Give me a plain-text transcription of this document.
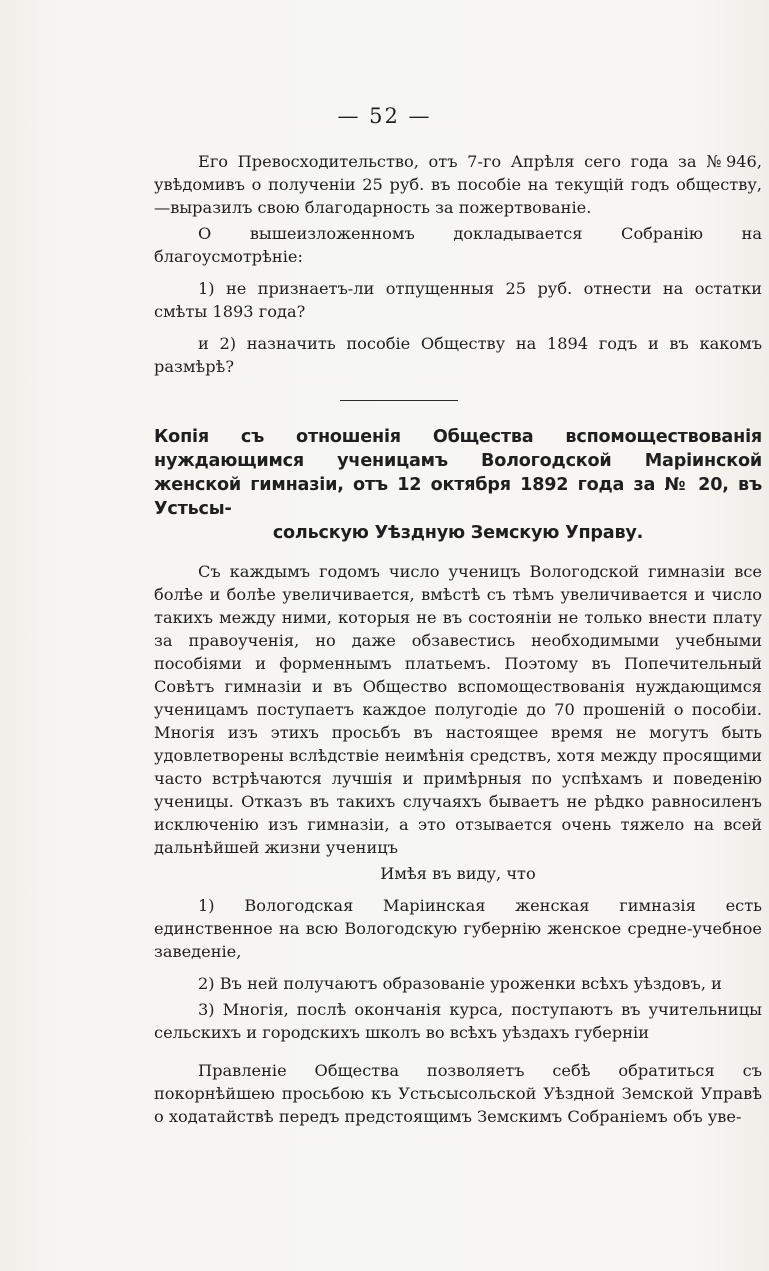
— 52 —

Его Превосходительство, отъ 7-го Апрѣля сего года за №946, увѣдомивъ о полученіи 25 руб. въ пособіе на текущій годъ обществу,—выразилъ свою благодарность за пожертвованіе.

О вышеизложенномъ докладывается Собранію на благоусмотрѣніе:

1) не признаетъ-ли отпущенныя 25 руб. отнести на остатки смѣты 1893 года?

и 2) назначить пособіе Обществу на 1894 годъ и въ какомъ размѣрѣ?

Копія съ отношенія Общества вспомоществованія нуждающимся ученицамъ Вологодской Маріинской женской гимназіи, отъ 12 октября 1892 года за № 20, въ Устьсы-
сольскую Уѣздную Земскую Управу.

Съ каждымъ годомъ число ученицъ Вологодской гимназіи все болѣе и болѣе увеличивается, вмѣстѣ съ тѣмъ увеличивается и число такихъ между ними, которыя не въ состояніи не только внести плату за правоученія, но даже обзавестись необходимыми учебными пособіями и форменнымъ платьемъ. Поэтому въ Попечительный Совѣтъ гимназіи и въ Общество вспомоществованія нуждающимся ученицамъ поступаетъ каждое полугодіе до 70 прошеній о пособіи. Многія изъ этихъ просьбъ въ настоящее время не могутъ быть удовлетворены вслѣдствіе неимѣнія средствъ, хотя между просящими часто встрѣчаются лучшія и примѣрныя по успѣхамъ и поведенію ученицы. Отказъ въ такихъ случаяхъ бываетъ не рѣдко равносиленъ исключенію изъ гимназіи, а это отзывается очень тяжело на всей дальнѣйшей жизни ученицъ

Имѣя въ виду, что

1) Вологодская Маріинская женская гимназія есть единственное на всю Вологодскую губернію женское средне-учебное заведеніе,

2) Въ ней получаютъ образованіе уроженки всѣхъ уѣздовъ, и

3) Многія, послѣ окончанія курса, поступаютъ въ учительницы сельскихъ и городскихъ школъ во всѣхъ уѣздахъ губерніи

Правленіе Общества позволяетъ себѣ обратиться съ покорнѣйшею просьбою къ Устьсысольской Уѣздной Земской Управѣ о ходатайствѣ передъ предстоящимъ Земскимъ Собраніемъ объ уве-
